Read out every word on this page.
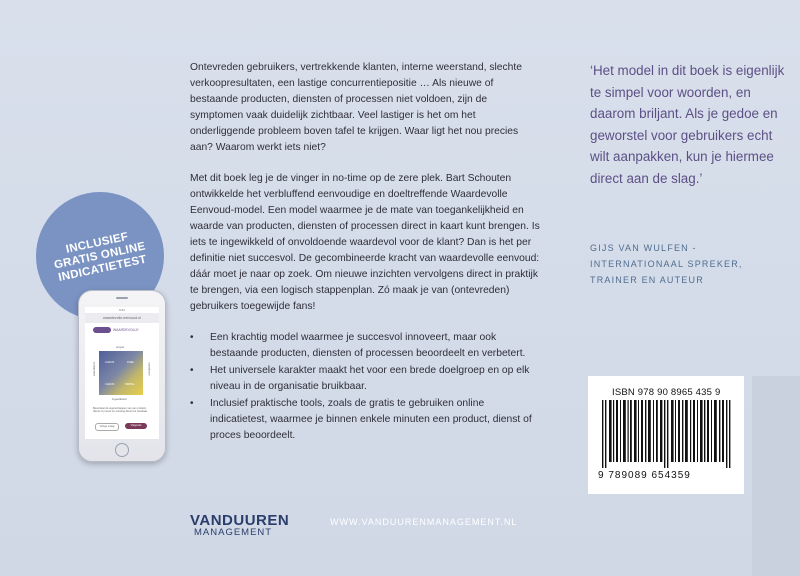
Ontevreden gebruikers, vertrekkende klanten, interne weerstand, slechte verkoopresultaten, een lastige concurrentiepositie … Als nieuwe of bestaande producten, diensten of processen niet voldoen, zijn de symptomen vaak duidelijk zichtbaar. Veel lastiger is het om het onderliggende probleem boven tafel te krijgen. Waar ligt het nou precies aan? Waarom werkt iets niet?

Met dit boek leg je de vinger in no-time op de zere plek. Bart Schouten ontwikkelde het verbluffend eenvoudige en doeltreffende Waardevolle Eenvoud-model. Een model waarmee je de mate van toegankelijkheid en waarde van producten, diensten of processen direct in kaart kunt brengen. Is iets te ingewikkeld of onvoldoende waardevol voor de klant? Dan is het per definitie niet succesvol. De gecombineerde kracht van waardevolle eenvoud: dáár moet je naar op zoek. Om nieuwe inzichten vervolgens direct in praktijk te brengen, via een logisch stappenplan. Zó maak je van (ontevreden) gebruikers toegewijde fans!

• Een krachtig model waarmee je succesvol innoveert, maar ook bestaande producten, diensten of processen beoordeelt en verbetert.
• Het universele karakter maakt het voor een brede doelgroep en op elk niveau in de organisatie bruikbaar.
• Inclusief praktische tools, zoals de gratis te gebruiken online indicatietest, waarmee je binnen enkele minuten een product, dienst of proces beoordeelt.
‘Het model in dit boek is eigenlijk te simpel voor woorden, en daarom briljant. Als je gedoe en geworstel voor gebruikers echt wilt aanpakken, kun je hiermee direct aan de slag.’
GIJS VAN WULFEN - INTERNATIONAAL SPREKER, TRAINER EN AUTEUR
INCLUSIEF GRATIS ONLINE INDICATIETEST
9:41
waardevolle-eenvoud.nl
WAARDEVOLLE
simpel
ingewikkeld
waardeloos	waardevol
CHAOS	DOEL
CHAOS	SIMPEL
Beoordeel de eigenschappen van een product, dienst of proces en ontvang direct het resultaat.
Vorige vraag	Volgende
VANDUUREN
MANAGEMENT
WWW.VANDUURENMANAGEMENT.NL
ISBN 978 90 8965 435 9
9 789089 654359
